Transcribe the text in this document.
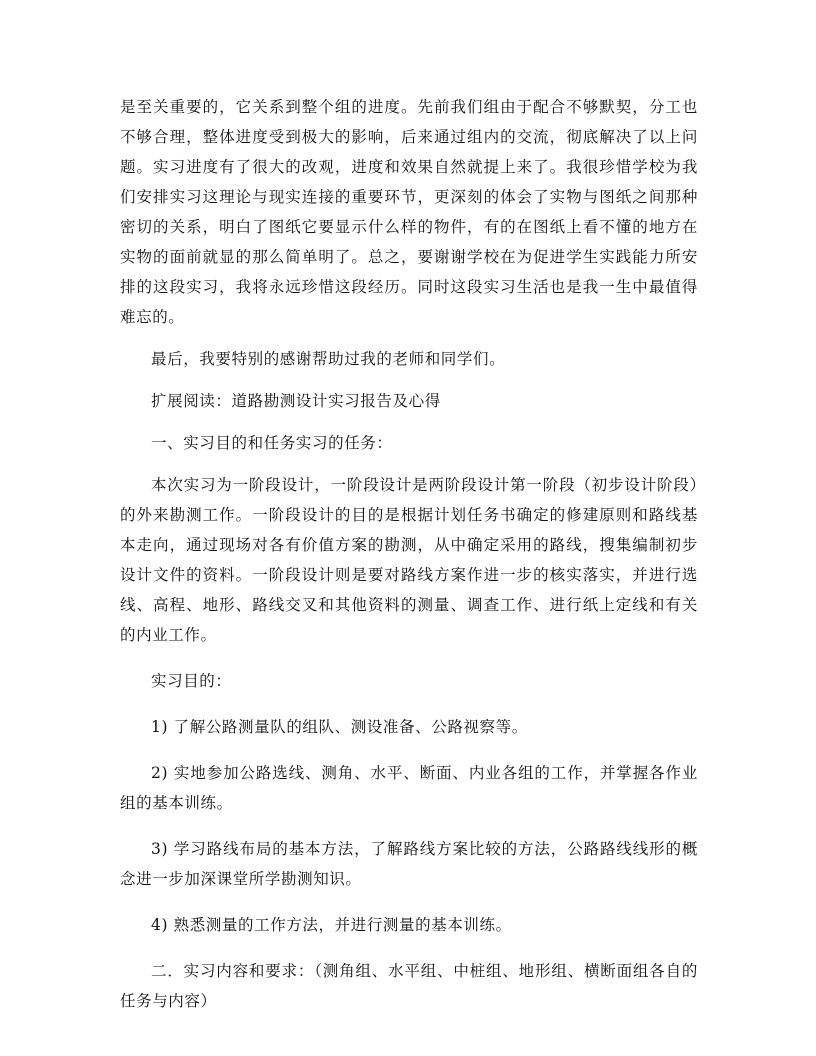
是至关重要的，它关系到整个组的进度。先前我们组由于配合不够默契，分工也不够合理，整体进度受到极大的影响，后来通过组内的交流，彻底解决了以上问题。实习进度有了很大的改观，进度和效果自然就提上来了。我很珍惜学校为我们安排实习这理论与现实连接的重要环节，更深刻的体会了实物与图纸之间那种密切的关系，明白了图纸它要显示什么样的物件，有的在图纸上看不懂的地方在实物的面前就显的那么简单明了。总之，要谢谢学校在为促进学生实践能力所安排的这段实习，我将永远珍惜这段经历。同时这段实习生活也是我一生中最值得难忘的。

最后，我要特别的感谢帮助过我的老师和同学们。

扩展阅读：道路勘测设计实习报告及心得

一、实习目的和任务实习的任务：

本次实习为一阶段设计，一阶段设计是两阶段设计第一阶段（初步设计阶段）的外来勘测工作。一阶段设计的目的是根据计划任务书确定的修建原则和路线基本走向，通过现场对各有价值方案的勘测，从中确定采用的路线，搜集编制初步设计文件的资料。一阶段设计则是要对路线方案作进一步的核实落实，并进行选线、高程、地形、路线交叉和其他资料的测量、调查工作、进行纸上定线和有关的内业工作。

实习目的：

1) 了解公路测量队的组队、测设准备、公路视察等。

2) 实地参加公路选线、测角、水平、断面、内业各组的工作，并掌握各作业组的基本训练。

3) 学习路线布局的基本方法，了解路线方案比较的方法，公路路线线形的概念进一步加深课堂所学勘测知识。

4) 熟悉测量的工作方法，并进行测量的基本训练。

二．实习内容和要求：（测角组、水平组、中桩组、地形组、横断面组各自的任务与内容）
